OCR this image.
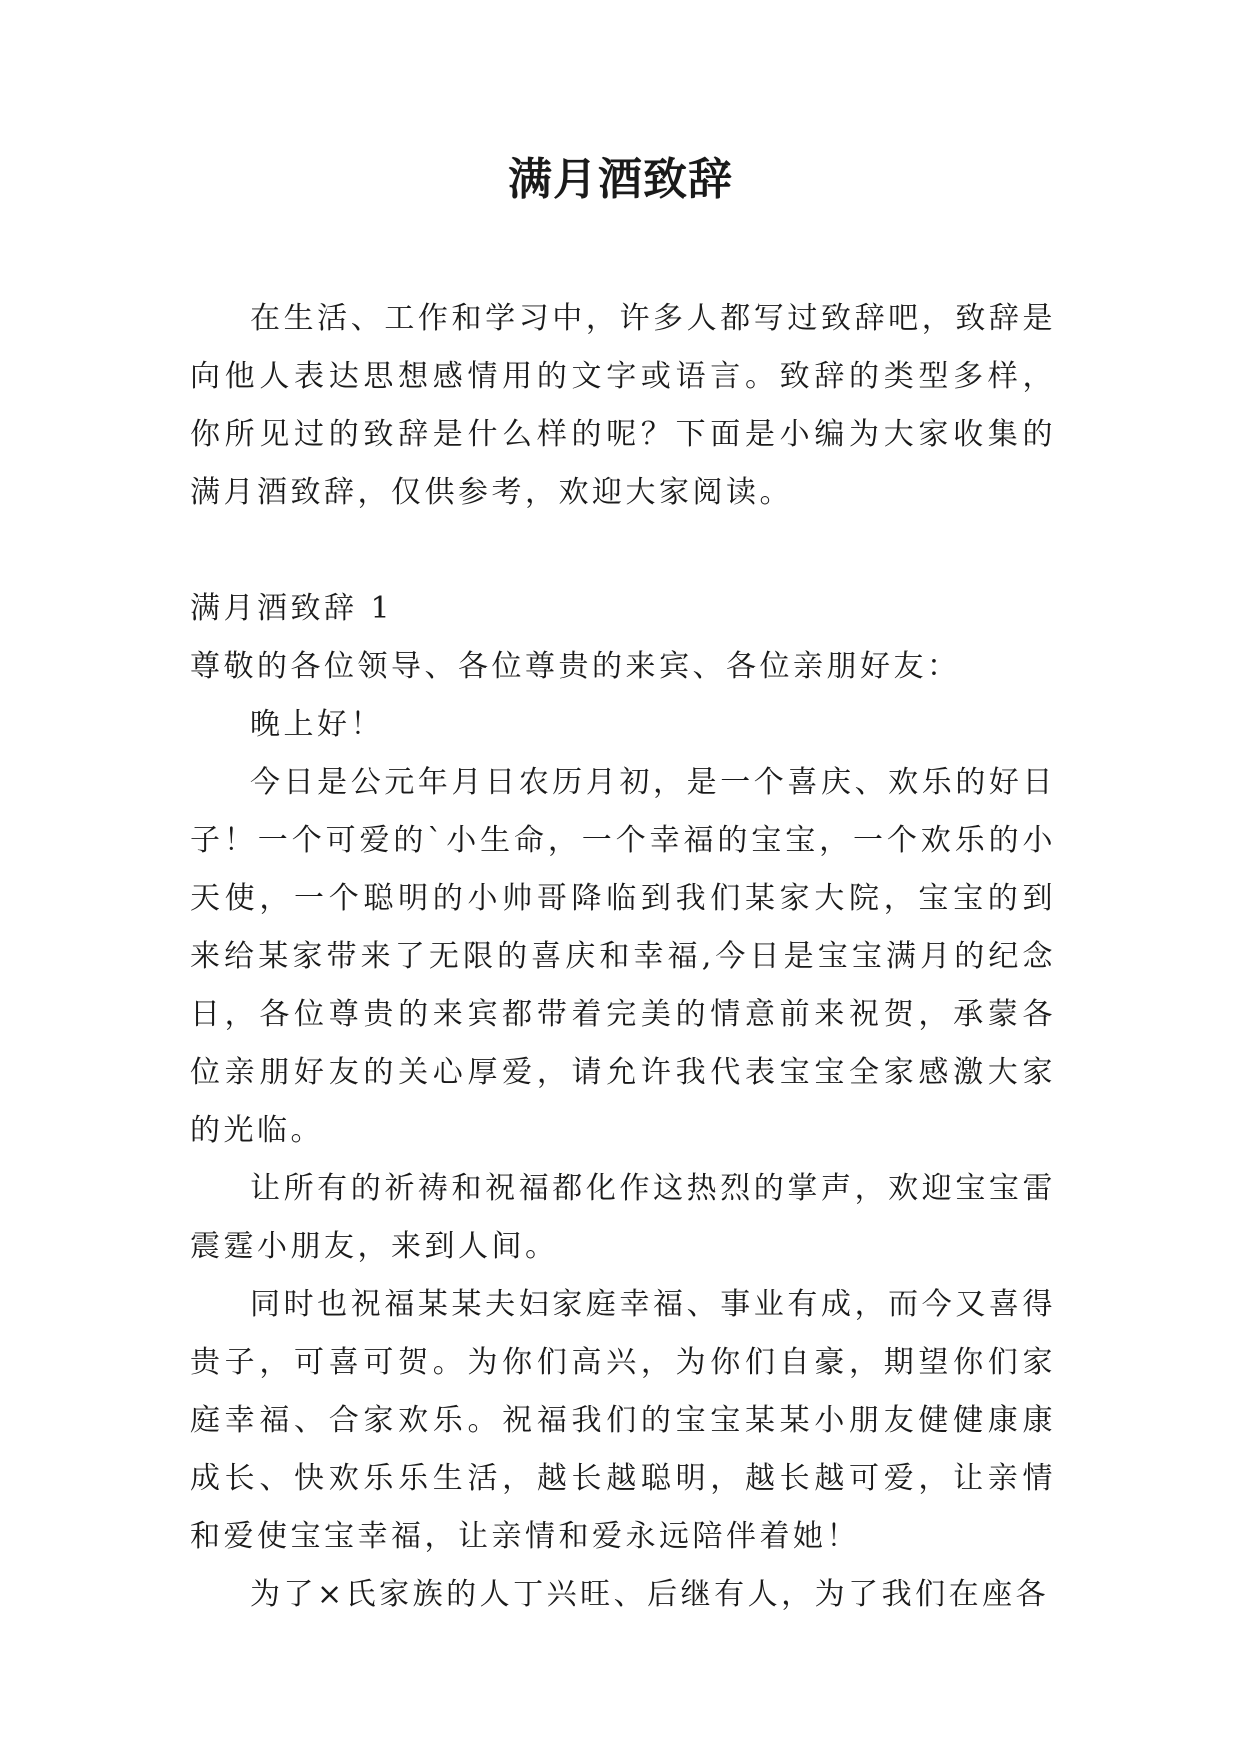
满月酒致辞

在生活、工作和学习中，许多人都写过致辞吧，致辞是向他人表达思想感情用的文字或语言。致辞的类型多样，你所见过的致辞是什么样的呢？下面是小编为大家收集的满月酒致辞，仅供参考，欢迎大家阅读。

满月酒致辞 1

尊敬的各位领导、各位尊贵的来宾、各位亲朋好友：

晚上好！

今日是公元年月日农历月初，是一个喜庆、欢乐的好日子！一个可爱的`小生命，一个幸福的宝宝，一个欢乐的小天使，一个聪明的小帅哥降临到我们某家大院，宝宝的到来给某家带来了无限的喜庆和幸福,今日是宝宝满月的纪念日，各位尊贵的来宾都带着完美的情意前来祝贺，承蒙各位亲朋好友的关心厚爱，请允许我代表宝宝全家感激大家的光临。

让所有的祈祷和祝福都化作这热烈的掌声，欢迎宝宝雷震霆小朋友，来到人间。

同时也祝福某某夫妇家庭幸福、事业有成，而今又喜得贵子，可喜可贺。为你们高兴，为你们自豪，期望你们家庭幸福、合家欢乐。祝福我们的宝宝某某小朋友健健康康成长、快欢乐乐生活，越长越聪明，越长越可爱，让亲情和爱使宝宝幸福，让亲情和爱永远陪伴着她！

为了×氏家族的人丁兴旺、后继有人，为了我们在座各
